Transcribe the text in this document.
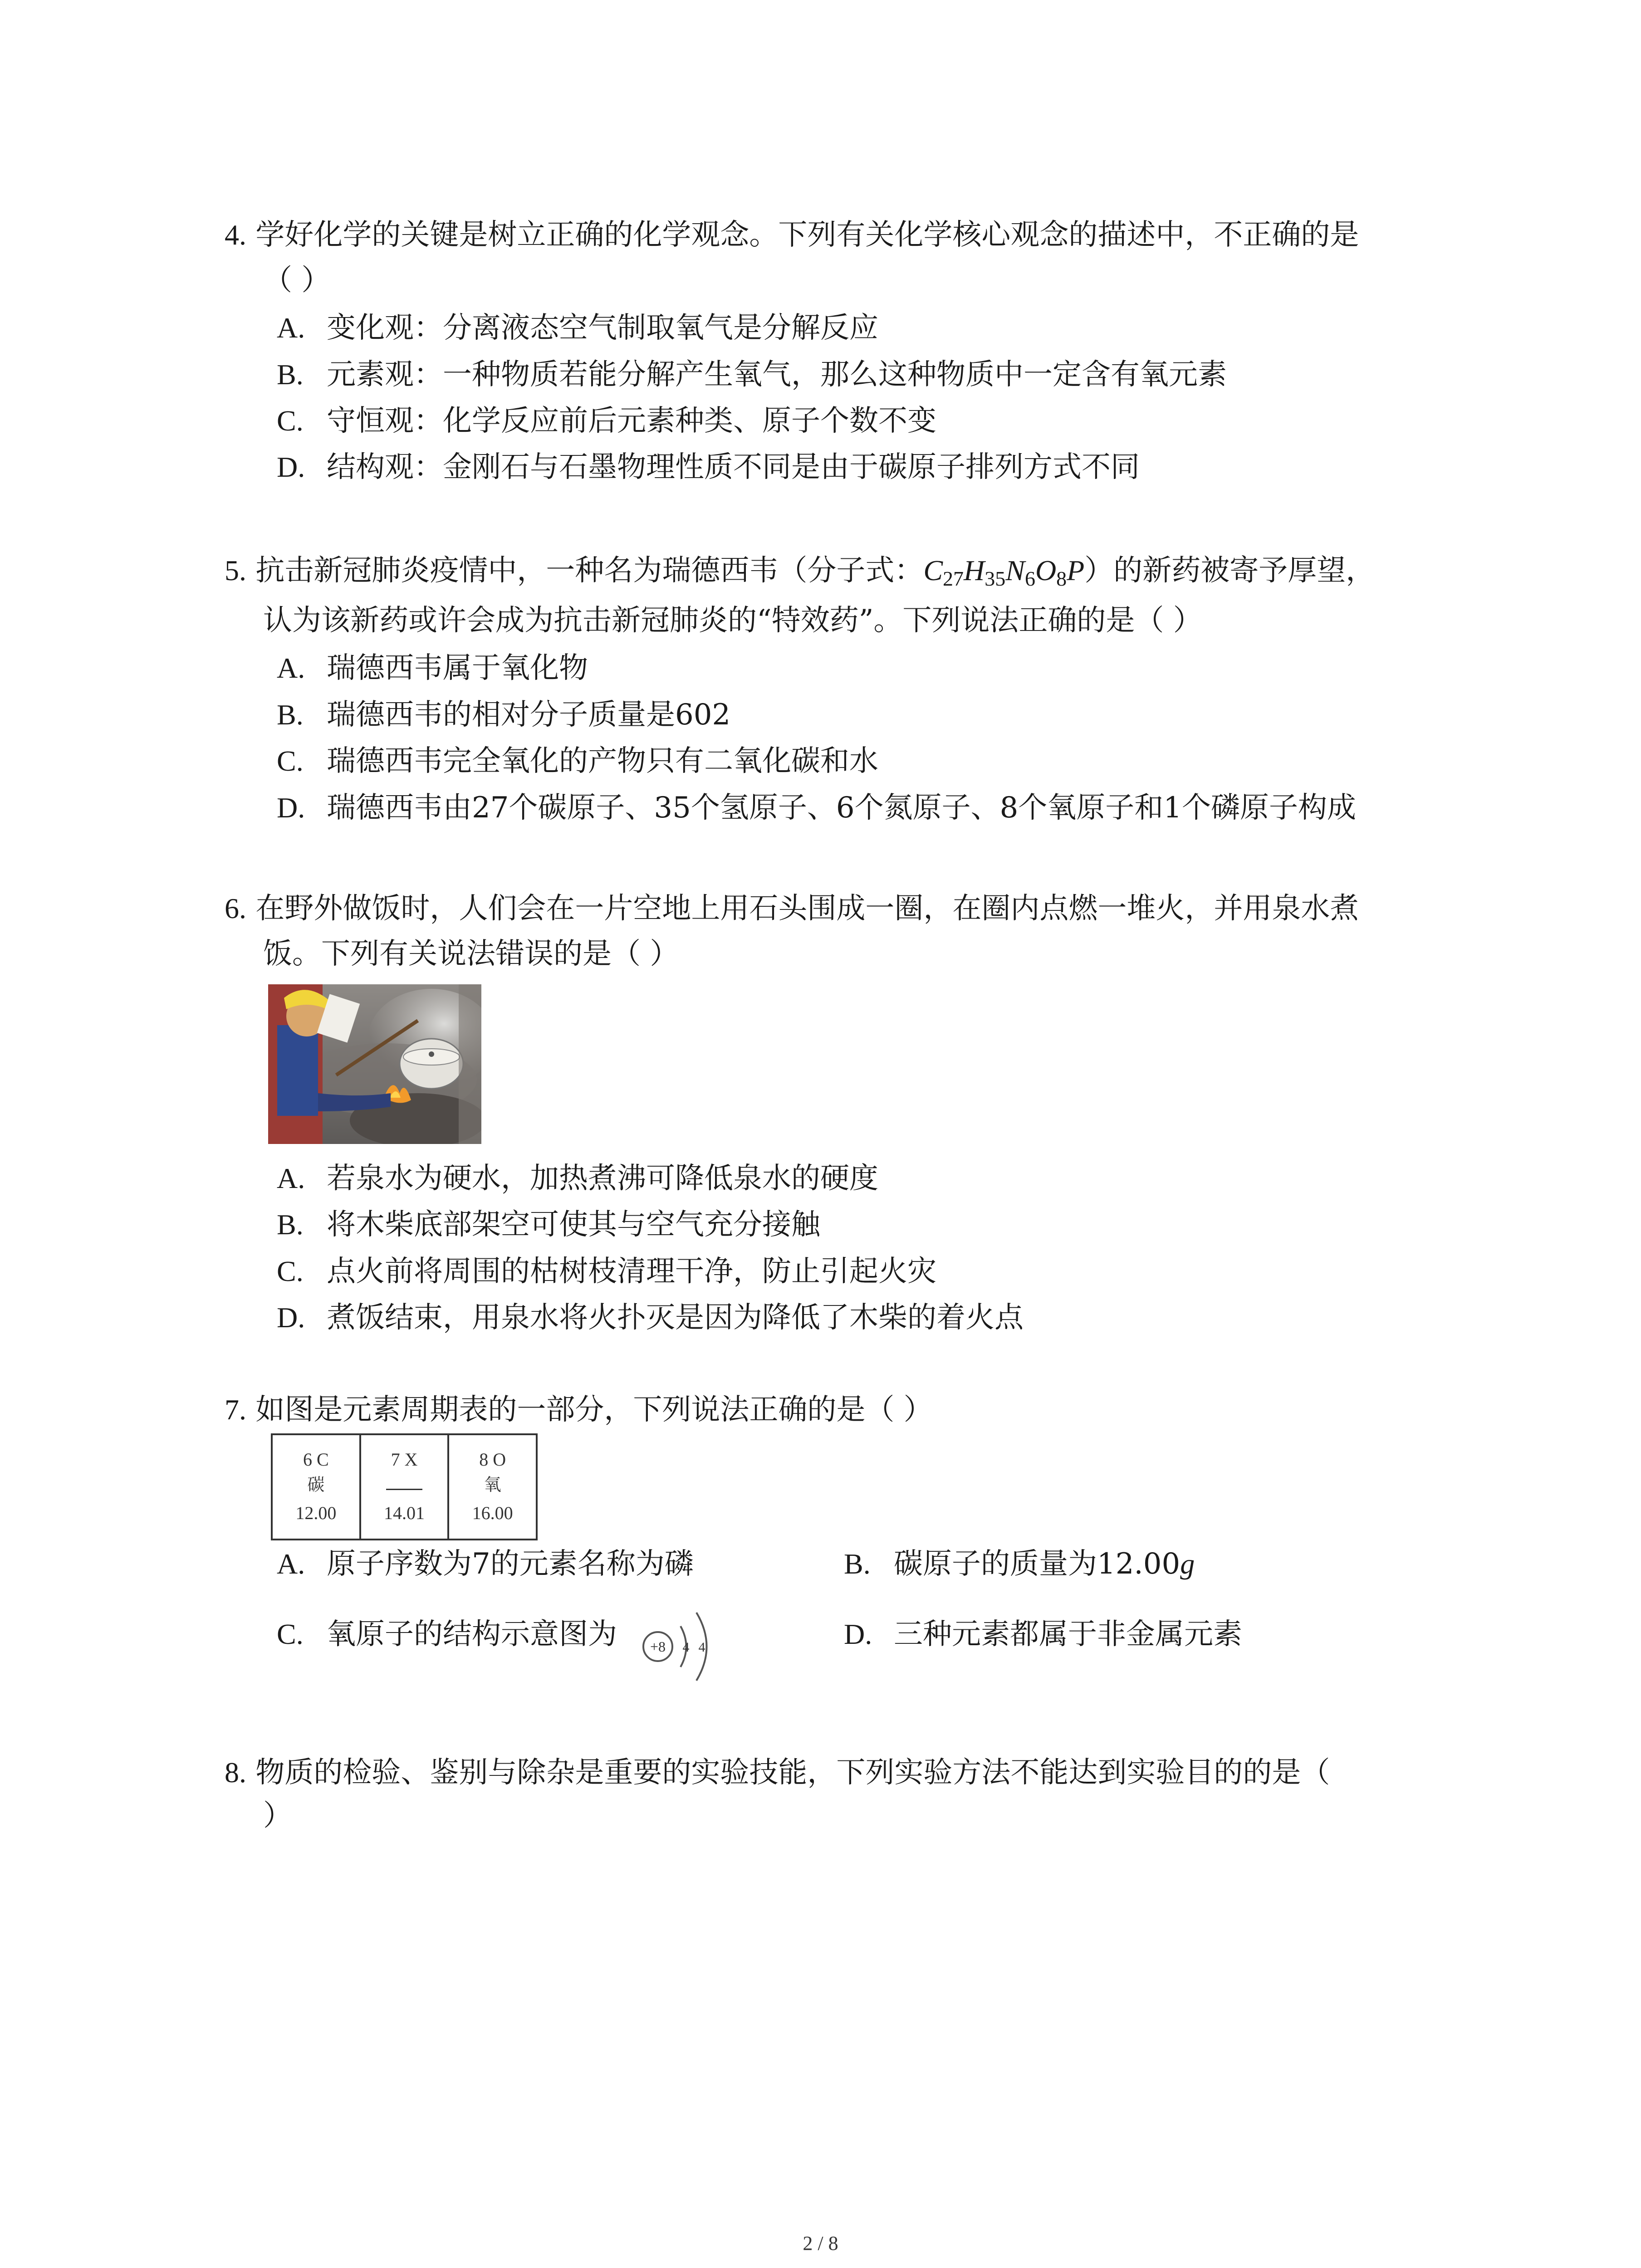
4. 学好化学的关键是树立正确的化学观念。下列有关化学核心观念的描述中，不正确的是
（ ）
A. 变化观：分离液态空气制取氧气是分解反应
B. 元素观：一种物质若能分解产生氧气，那么这种物质中一定含有氧元素
C. 守恒观：化学反应前后元素种类、原子个数不变
D. 结构观：金刚石与石墨物理性质不同是由于碳原子排列方式不同
5. 抗击新冠肺炎疫情中，一种名为瑞德西韦（分子式：$C_{27}H_{35}N_6O_8P$）的新药被寄予厚望，
认为该新药或许会成为抗击新冠肺炎的“特效药”。下列说法正确的是（ ）
A. 瑞德西韦属于氧化物
B. 瑞德西韦的相对分子质量是602
C. 瑞德西韦完全氧化的产物只有二氧化碳和水
D. 瑞德西韦由27个碳原子、35个氢原子、6个氮原子、8个氧原子和1个磷原子构成
6. 在野外做饭时，人们会在一片空地上用石头围成一圈，在圈内点燃一堆火，并用泉水煮
饭。下列有关说法错误的是（ ）
A. 若泉水为硬水，加热煮沸可降低泉水的硬度
B. 将木柴底部架空可使其与空气充分接触
C. 点火前将周围的枯树枝清理干净，防止引起火灾
D. 煮饭结束，用泉水将火扑灭是因为降低了木柴的着火点
7. 如图是元素周期表的一部分，下列说法正确的是（ ）
6 C
碳
12.00
7 X
14.01
8 O
氧
16.00
A. 原子序数为7的元素名称为磷	B. 碳原子的质量为12.00g
C. 氧原子的结构示意图为 +8 4 4	D. 三种元素都属于非金属元素
8. 物质的检验、鉴别与除杂是重要的实验技能，下列实验方法不能达到实验目的的是（
）
2 / 8
